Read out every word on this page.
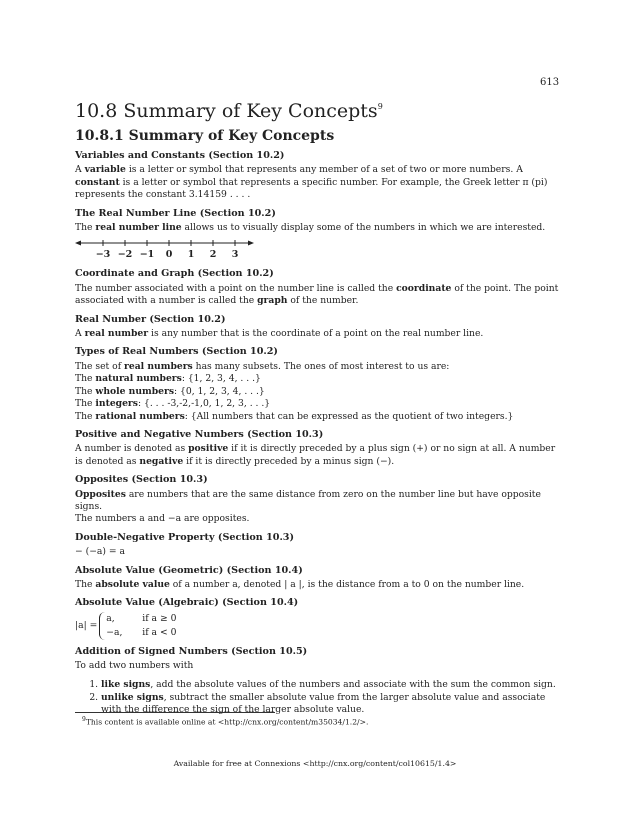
613
10.8 Summary of Key Concepts$^9$
10.8.1 Summary of Key Concepts
Variables and Constants (Section 10.2)

A variable is a letter or symbol that represents any member of a set of two or more numbers. A constant is a letter or symbol that represents a specific number. For example, the Greek letter π (pi) represents the constant 3.14159 . . . .

The Real Number Line (Section 10.2)

The real number line allows us to visually display some of the numbers in which we are interested.

−3 −2 −1 0 1 2 3
Coordinate and Graph (Section 10.2)

The number associated with a point on the number line is called the coordinate of the point. The point associated with a number is called the graph of the number.

Real Number (Section 10.2)

A real number is any number that is the coordinate of a point on the real number line.

Types of Real Numbers (Section 10.2)

The set of real numbers has many subsets. The ones of most interest to us are:

The natural numbers: {1, 2, 3, 4, . . .}

The whole numbers: {0, 1, 2, 3, 4, . . .}

The integers: {. . . -3,-2,-1,0, 1, 2, 3, . . .}

The rational numbers: {All numbers that can be expressed as the quotient of two integers.}

Positive and Negative Numbers (Section 10.3)

A number is denoted as positive if it is directly preceded by a plus sign (+) or no sign at all. A number is denoted as negative if it is directly preceded by a minus sign (−).

Opposites (Section 10.3)

Opposites are numbers that are the same distance from zero on the number line but have opposite signs.

The numbers a and −a are opposites.

Double-Negative Property (Section 10.3)

− (−a) = a

Absolute Value (Geometric) (Section 10.4)

The absolute value of a number a, denoted | a |, is the distance from a to 0 on the number line.

Absolute Value (Algebraic) (Section 10.4)
|a| =
a,	if a ≥ 0
−a,	if a < 0
Addition of Signed Numbers (Section 10.5)

To add two numbers with

1. like signs, add the absolute values of the numbers and associate with the sum the common sign.
2. unlike signs, subtract the smaller absolute value from the larger absolute value and associate with the difference the sign of the larger absolute value.
$^9$This content is available online at <http://cnx.org/content/m35034/1.2/>.
Available for free at Connexions <http://cnx.org/content/col10615/1.4>
